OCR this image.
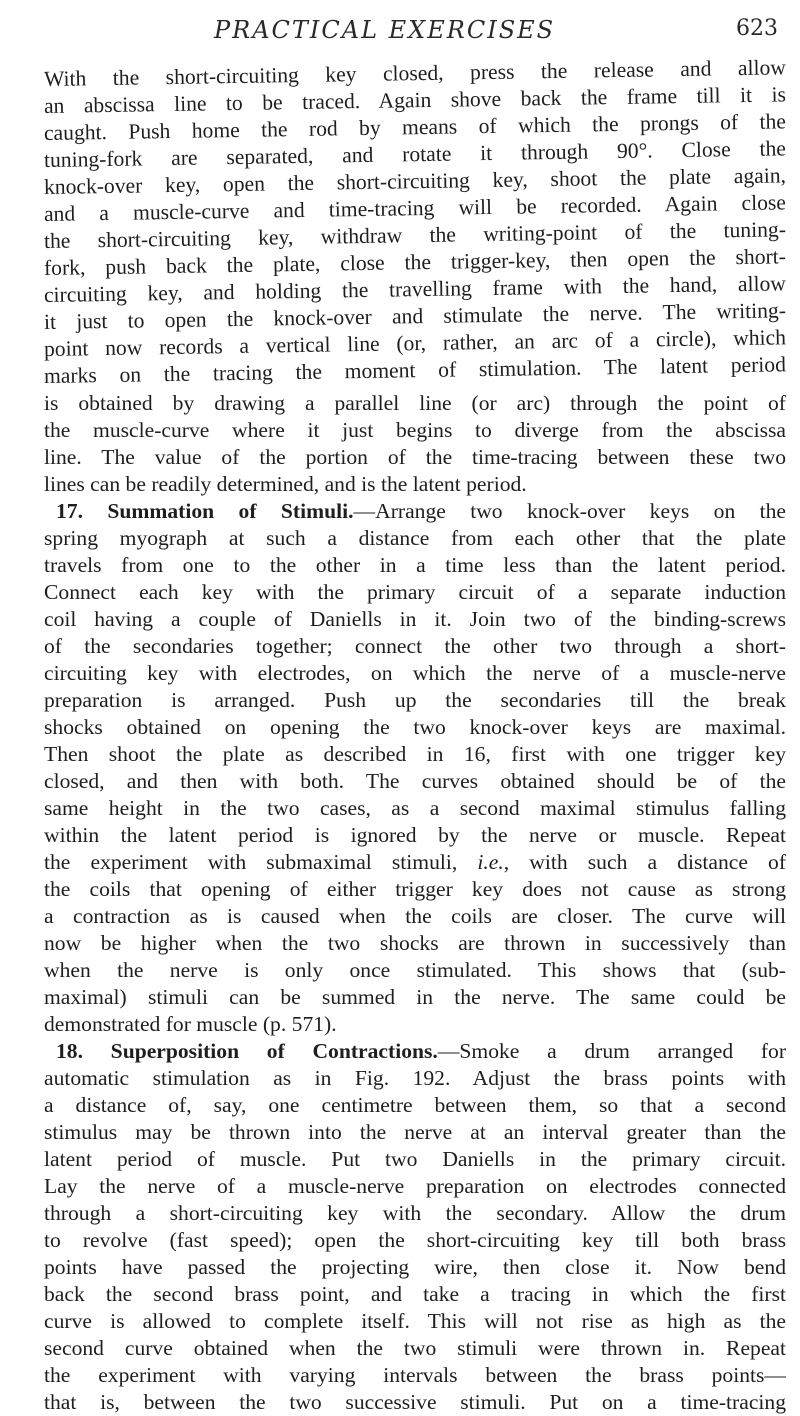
PRACTICAL EXERCISES	623
With the short-circuiting key closed, press the release and allow
an abscissa line to be traced. Again shove back the frame till it is
caught. Push home the rod by means of which the prongs of the
tuning-fork are separated, and rotate it through 90°. Close the
knock-over key, open the short-circuiting key, shoot the plate again,
and a muscle-curve and time-tracing will be recorded. Again close
the short-circuiting key, withdraw the writing-point of the tuning-
fork, push back the plate, close the trigger-key, then open the short-
circuiting key, and holding the travelling frame with the hand, allow
it just to open the knock-over and stimulate the nerve. The writing-
point now records a vertical line (or, rather, an arc of a circle), which
marks on the tracing the moment of stimulation. The latent period
is obtained by drawing a parallel line (or arc) through the point of
the muscle-curve where it just begins to diverge from the abscissa
line. The value of the portion of the time-tracing between these two
lines can be readily determined, and is the latent period.
17. Summation of Stimuli.—Arrange two knock-over keys on the
spring myograph at such a distance from each other that the plate
travels from one to the other in a time less than the latent period.
Connect each key with the primary circuit of a separate induction
coil having a couple of Daniells in it. Join two of the binding-screws
of the secondaries together; connect the other two through a short-
circuiting key with electrodes, on which the nerve of a muscle-nerve
preparation is arranged. Push up the secondaries till the break
shocks obtained on opening the two knock-over keys are maximal.
Then shoot the plate as described in 16, first with one trigger key
closed, and then with both. The curves obtained should be of the
same height in the two cases, as a second maximal stimulus falling
within the latent period is ignored by the nerve or muscle. Repeat
the experiment with submaximal stimuli, i.e., with such a distance of
the coils that opening of either trigger key does not cause as strong
a contraction as is caused when the coils are closer. The curve will
now be higher when the two shocks are thrown in successively than
when the nerve is only once stimulated. This shows that (sub-
maximal) stimuli can be summed in the nerve. The same could be
demonstrated for muscle (p. 571).
18. Superposition of Contractions.—Smoke a drum arranged for
automatic stimulation as in Fig. 192. Adjust the brass points with
a distance of, say, one centimetre between them, so that a second
stimulus may be thrown into the nerve at an interval greater than the
latent period of muscle. Put two Daniells in the primary circuit.
Lay the nerve of a muscle-nerve preparation on electrodes connected
through a short-circuiting key with the secondary. Allow the drum
to revolve (fast speed); open the short-circuiting key till both brass
points have passed the projecting wire, then close it. Now bend
back the second brass point, and take a tracing in which the first
curve is allowed to complete itself. This will not rise as high as the
second curve obtained when the two stimuli were thrown in. Repeat
the experiment with varying intervals between the brass points—
that is, between the two successive stimuli. Put on a time-tracing
